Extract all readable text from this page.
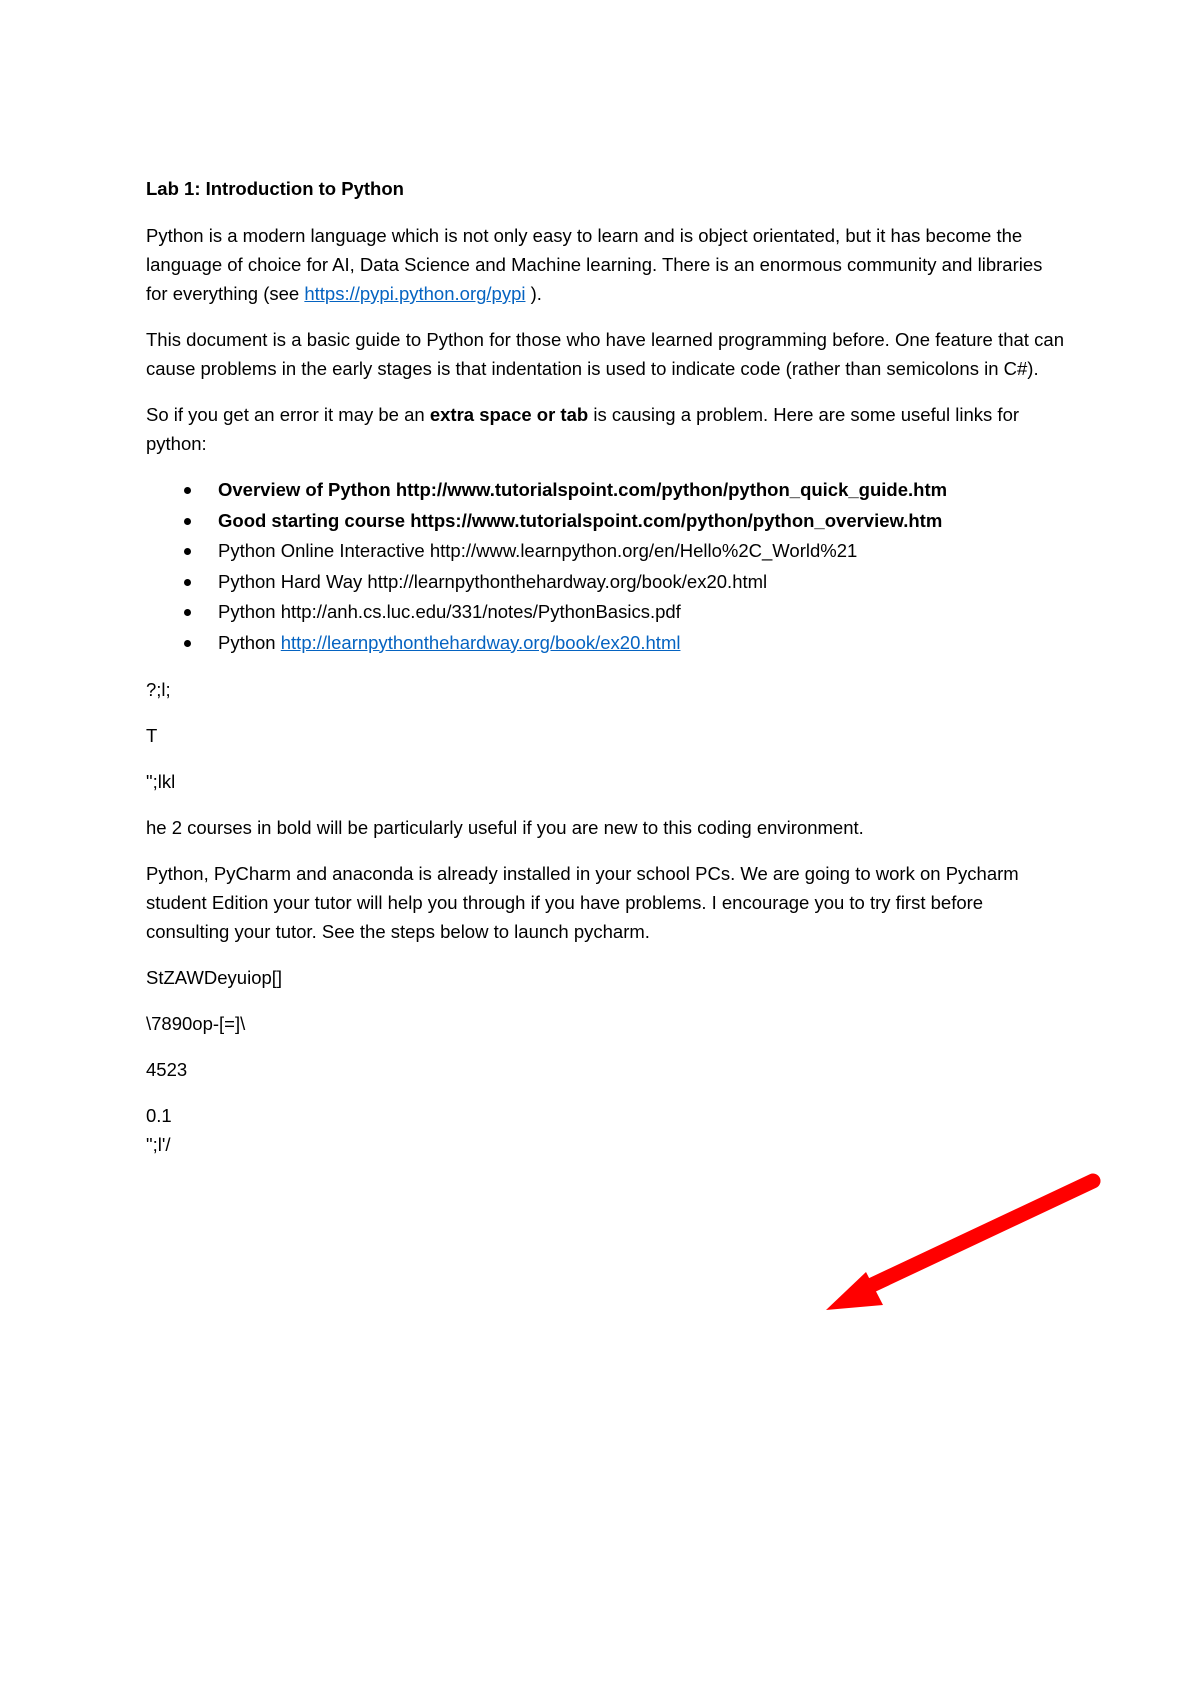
Lab 1: Introduction to Python

Python is a modern language which is not only easy to learn and is object orientated, but it has become the language of choice for AI, Data Science and Machine learning. There is an enormous community and libraries for everything (see https://pypi.python.org/pypi ).

This document is a basic guide to Python for those who have learned programming before. One feature that can cause problems in the early stages is that indentation is used to indicate code (rather than semicolons in C#).

So if you get an error it may be an extra space or tab is causing a problem. Here are some useful links for python:

Overview of Python http://www.tutorialspoint.com/python/python_quick_guide.htm
Good starting course https://www.tutorialspoint.com/python/python_overview.htm
Python Online Interactive http://www.learnpython.org/en/Hello%2C_World%21
Python Hard Way http://learnpythonthehardway.org/book/ex20.html
Python http://anh.cs.luc.edu/331/notes/PythonBasics.pdf
Python http://learnpythonthehardway.org/book/ex20.html

?;l;

T

";lkl

he 2 courses in bold will be particularly useful if you are new to this coding environment.

Python, PyCharm and anaconda is already installed in your school PCs. We are going to work on Pycharm student Edition your tutor will help you through if you have problems. I encourage you to try first before consulting your tutor. See the steps below to launch pycharm.

StZAWDeyuiop[]

\7890op-[=]\

4523

0.1

";l'/
